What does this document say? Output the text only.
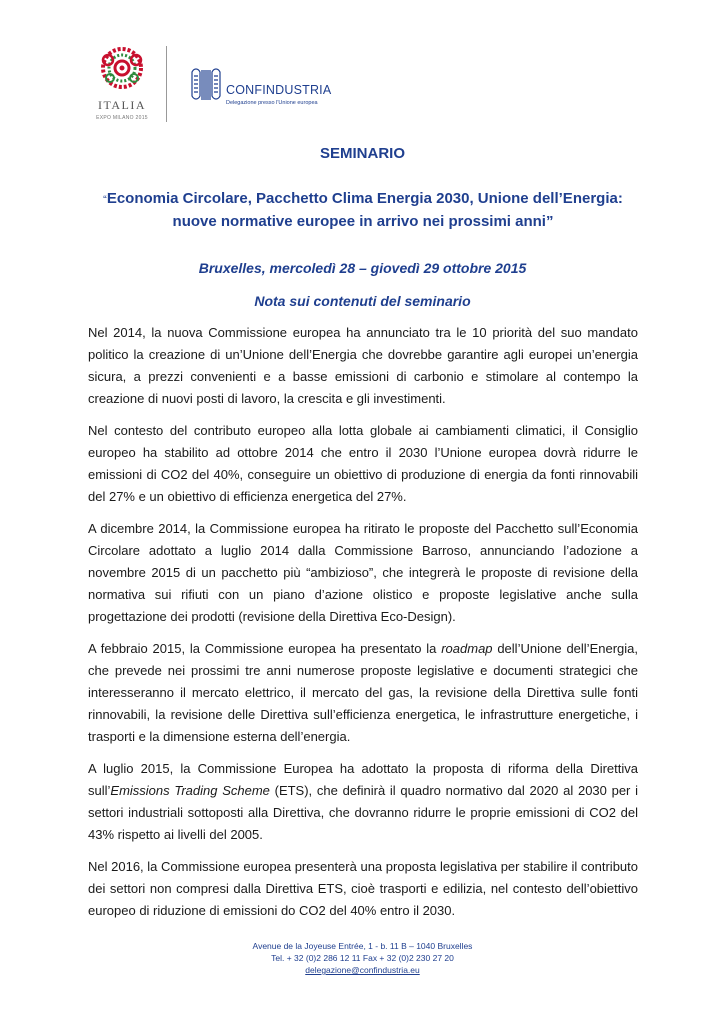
ITALIA
EXPO MILANO 2015
CONFINDUSTRIA
Delegazione presso l'Unione europea
SEMINARIO
“Economia Circolare, Pacchetto Clima Energia 2030, Unione dell’Energia: nuove normative europee in arrivo nei prossimi anni”

Bruxelles, mercoledì 28 – giovedì 29 ottobre 2015

Nota sui contenuti del seminario

Nel 2014, la nuova Commissione europea ha annunciato tra le 10 priorità del suo mandato politico la creazione di un’Unione dell’Energia che dovrebbe garantire agli europei un’energia sicura, a prezzi convenienti e a basse emissioni di carbonio e stimolare al contempo la creazione di nuovi posti di lavoro, la crescita e gli investimenti.

Nel contesto del contributo europeo alla lotta globale ai cambiamenti climatici, il Consiglio europeo ha stabilito ad ottobre 2014 che entro il 2030 l’Unione europea dovrà ridurre le emissioni di CO2 del 40%, conseguire un obiettivo di produzione di energia da fonti rinnovabili del 27% e un obiettivo di efficienza energetica del 27%.

A dicembre 2014, la Commissione europea ha ritirato le proposte del Pacchetto sull’Economia Circolare adottato a luglio 2014 dalla Commissione Barroso, annunciando l’adozione a novembre 2015 di un pacchetto più “ambizioso”, che integrerà le proposte di revisione della normativa sui rifiuti con un piano d’azione olistico e proposte legislative anche sulla progettazione dei prodotti (revisione della Direttiva Eco-Design).

A febbraio 2015, la Commissione europea ha presentato la roadmap dell’Unione dell’Energia, che prevede nei prossimi tre anni numerose proposte legislative e documenti strategici che interesseranno il mercato elettrico, il mercato del gas, la revisione della Direttiva sulle fonti rinnovabili, la revisione delle Direttiva sull’efficienza energetica, le infrastrutture energetiche, i trasporti e la dimensione esterna dell’energia.

A luglio 2015, la Commissione Europea ha adottato la proposta di riforma della Direttiva sull’Emissions Trading Scheme (ETS), che definirà il quadro normativo dal 2020 al 2030 per i settori industriali sottoposti alla Direttiva, che dovranno ridurre le proprie emissioni di CO2 del 43% rispetto ai livelli del 2005.

Nel 2016, la Commissione europea presenterà una proposta legislativa per stabilire il contributo dei settori non compresi dalla Direttiva ETS, cioè trasporti e edilizia, nel contesto dell’obiettivo europeo di riduzione di emissioni do CO2 del 40% entro il 2030.

Avenue de la Joyeuse Entrée, 1 - b. 11 B – 1040 Bruxelles
Tel. + 32 (0)2 286 12 11 Fax + 32 (0)2 230 27 20
delegazione@confindustria.eu
